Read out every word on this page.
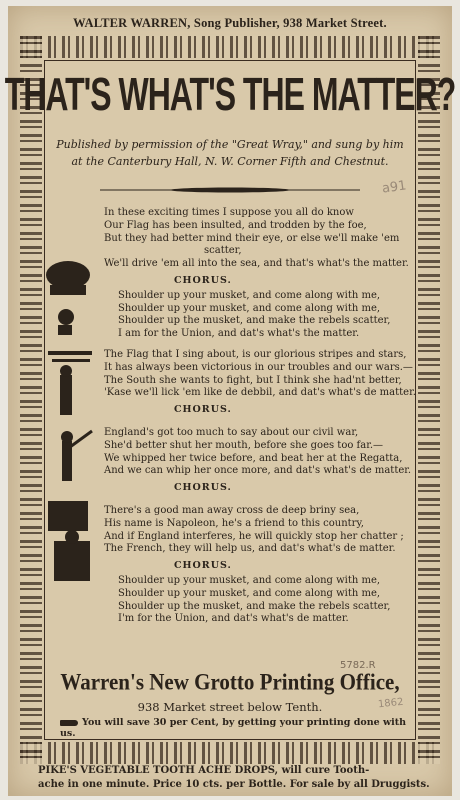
WALTER WARREN, Song Publisher, 938 Market Street.
THAT'S WHAT'S THE MATTER?
Published by permission of the "Great Wray," and sung by him
at the Canterbury Hall, N. W. Corner Fifth and Chestnut.
a91

In these exciting times I suppose you all do know

Our Flag has been insulted, and trodden by the foe,

But they had better mind their eye, or else we'll make 'em

scatter,

We'll drive 'em all into the sea, and that's what's the matter.

CHORUS.

Shoulder up your musket, and come along with me,

Shoulder up your musket, and come along with me,

Shoulder up the musket, and make the rebels scatter,

I am for the Union, and dat's what's the matter.

The Flag that I sing about, is our glorious stripes and stars,

It has always been victorious in our troubles and our wars.—

The South she wants to fight, but I think she had'nt better,

'Kase we'll lick 'em like de debbil, and dat's what's de matter.

CHORUS.

England's got too much to say about our civil war,

She'd better shut her mouth, before she goes too far.—

We whipped her twice before, and beat her at the Regatta,

And we can whip her once more, and dat's what's de matter.

CHORUS.

There's a good man away cross de deep briny sea,

His name is Napoleon, he's a friend to this country,

And if England interferes, he will quickly stop her chatter ;

The French, they will help us, and dat's what's de matter.

CHORUS.

Shoulder up your musket, and come along with me,

Shoulder up your musket, and come along with me,

Shoulder up the musket, and make the rebels scatter,

I'm for the Union, and dat's what's de matter.

5782.R
Warren's New Grotto Printing Office,
1862
938 Market street below Tenth.
You will save 30 per Cent, by getting your printing done with us.
PIKE'S VEGETABLE TOOTH ACHE DROPS, will cure Tooth-
ache in one minute. Price 10 cts. per Bottle. For sale by all Druggists.
